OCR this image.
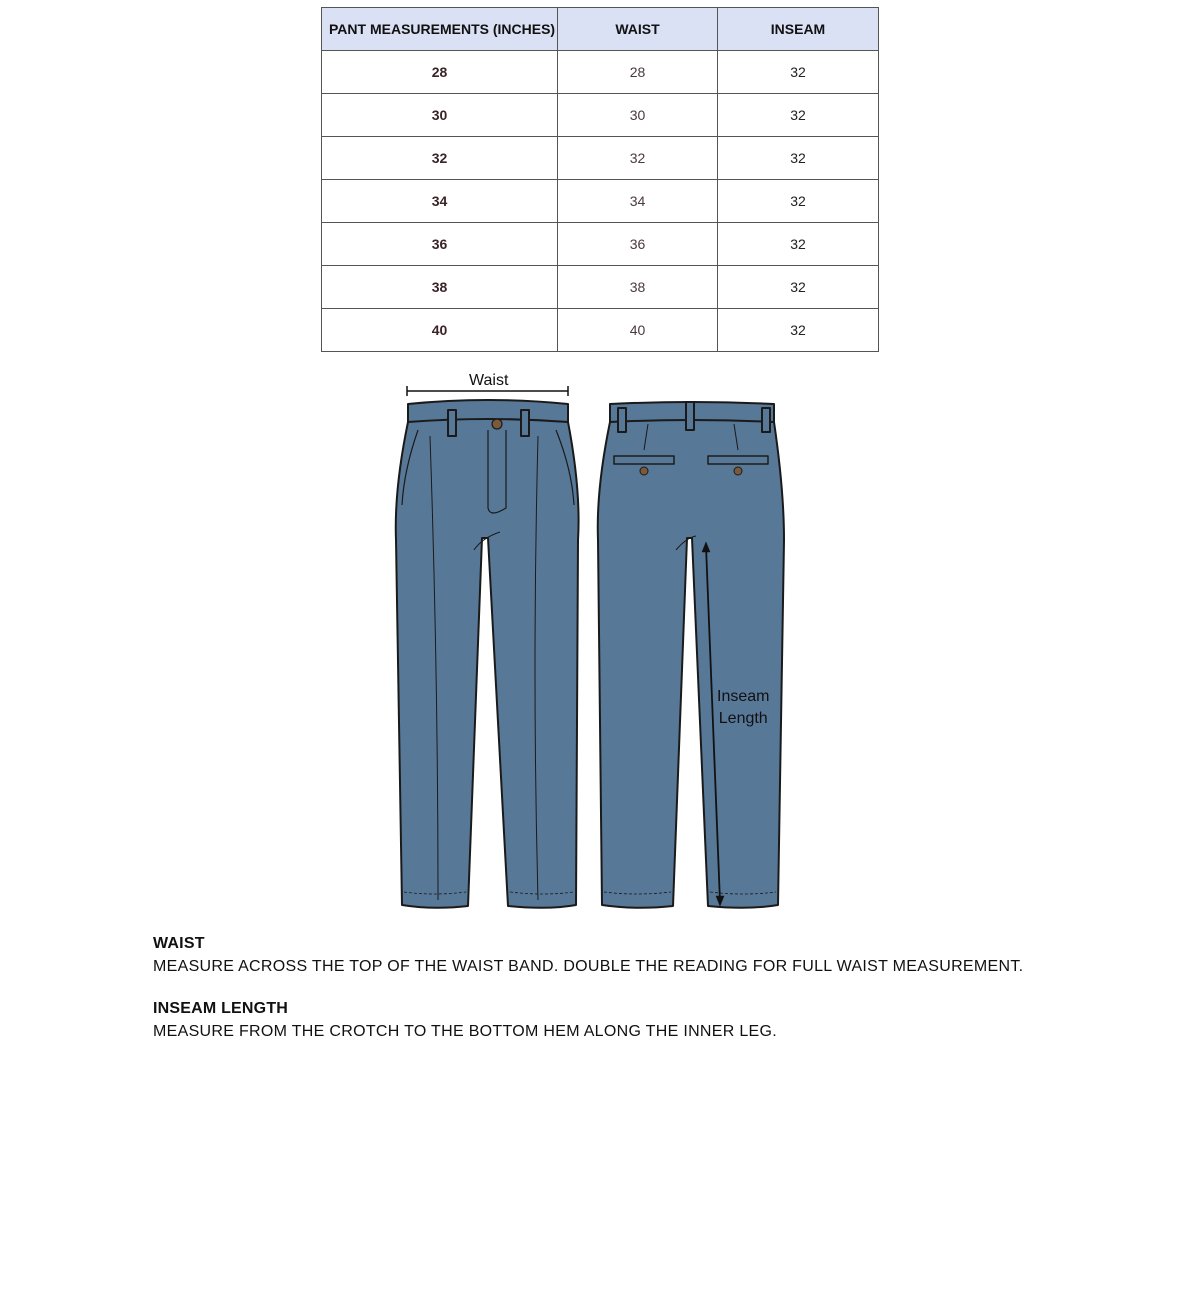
PANT MEASUREMENTS (INCHES)	WAIST	INSEAM
28	28	32
30	30	32
32	32	32
34	34	32
36	36	32
38	38	32
40	40	32
Waist
Inseam
Length

WAIST

MEASURE ACROSS THE TOP OF THE WAIST BAND. DOUBLE THE READING FOR FULL WAIST MEASUREMENT.

INSEAM LENGTH

MEASURE FROM THE CROTCH TO THE BOTTOM HEM ALONG THE INNER LEG.
